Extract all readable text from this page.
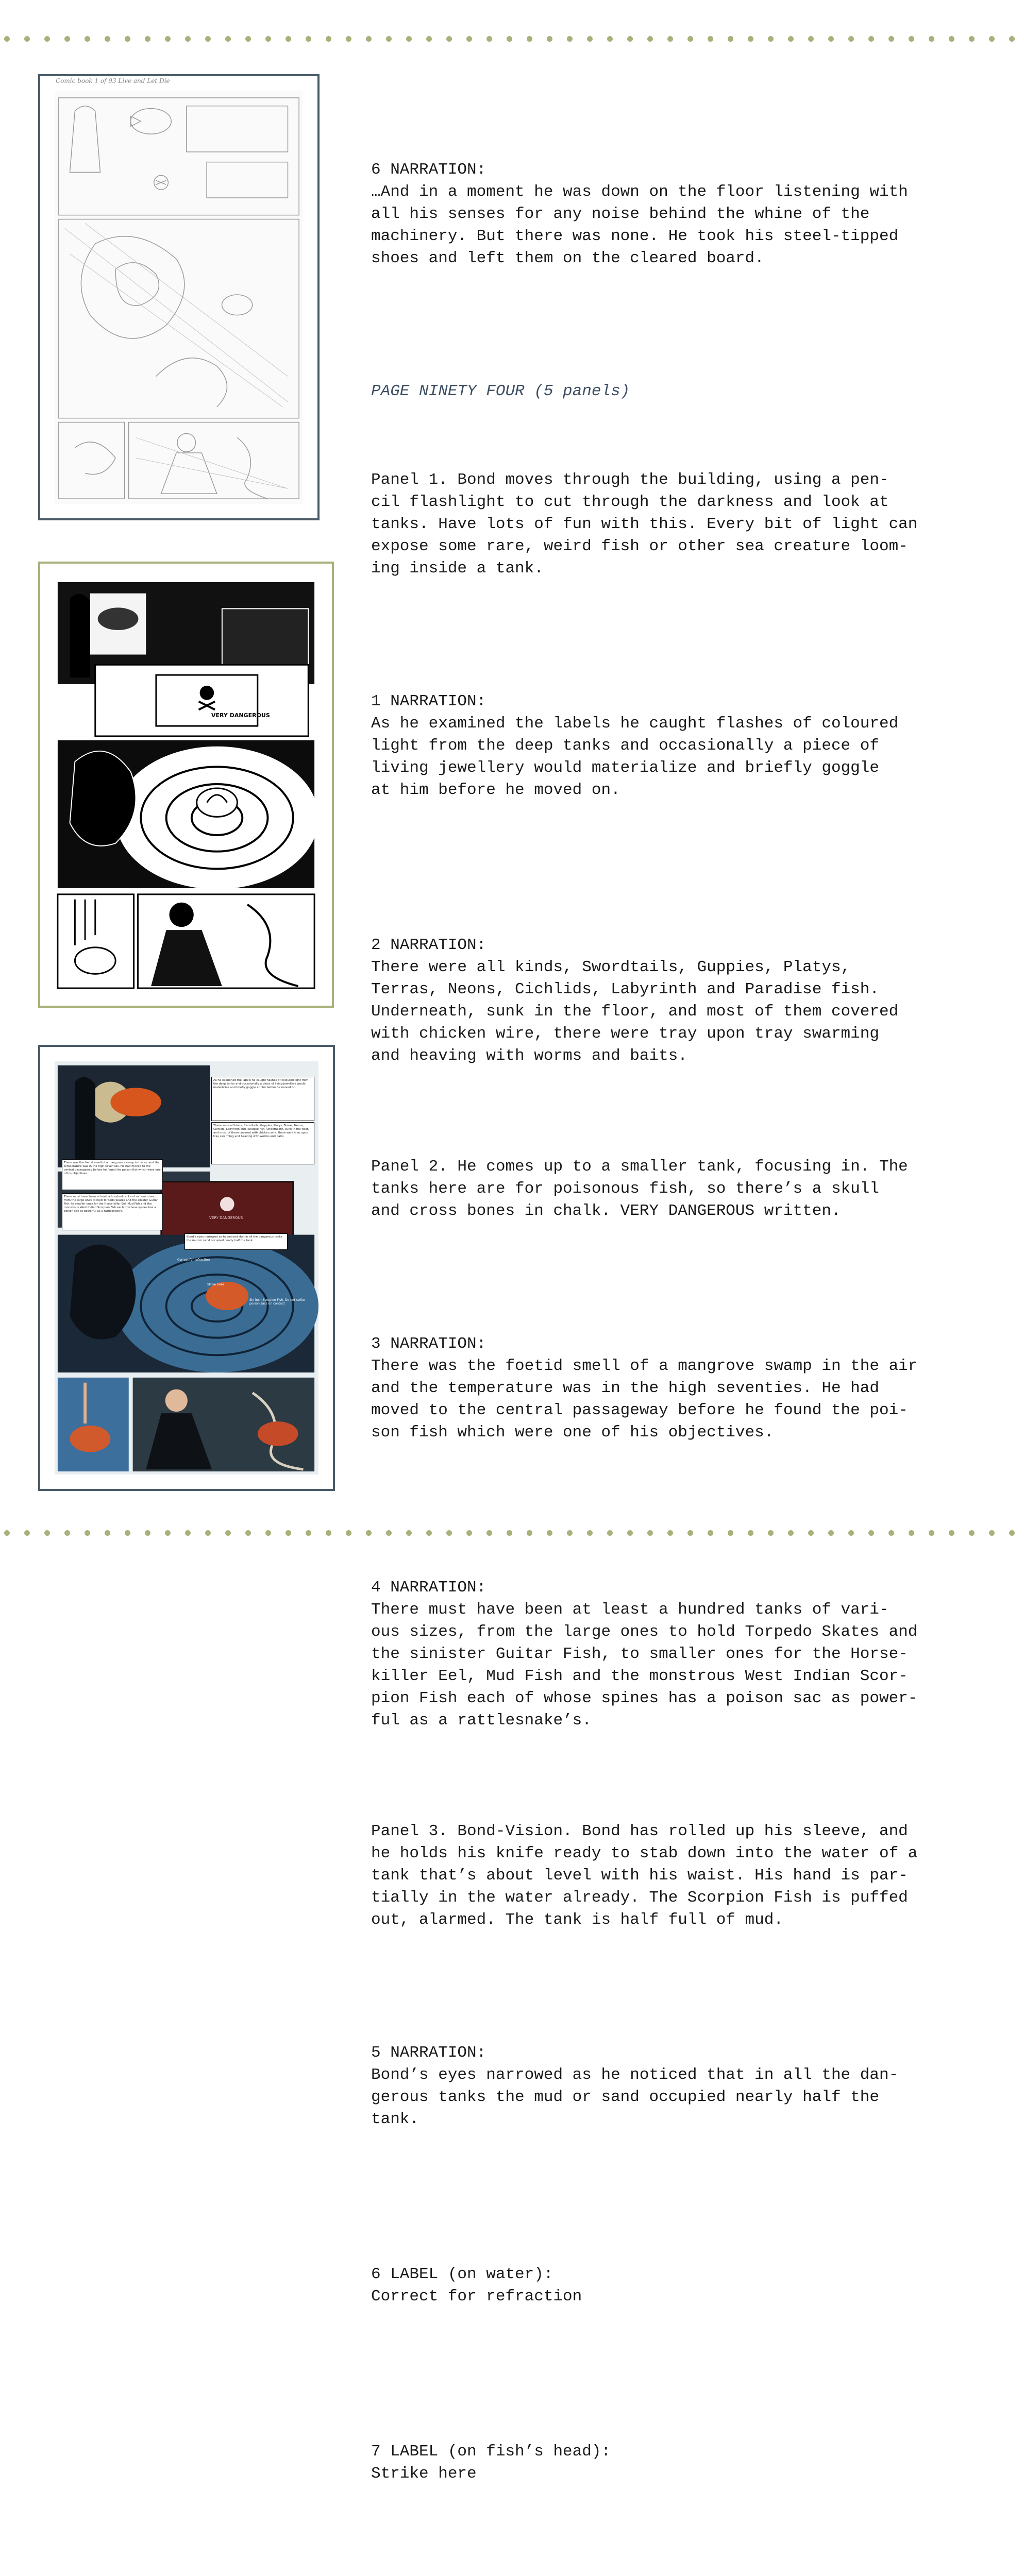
Comic book 1 of 93 Live and Let Die
VERY DANGEROUS
As he examined the labels he caught flashes of coloured light from the deep tanks and occasionally a piece of living jewellery would materialize and briefly goggle at him before he moved on.
There were all kinds, Swordtails, Guppies, Platys, Terras, Neons, Cichlids, Labyrinth and Paradise fish. Underneath, sunk in the floor, and most of them covered with chicken wire, there were tray upon tray swarming and heaving with worms and baits.
There was the foetid smell of a mangrove swamp in the air and the temperature was in the high seventies. He had moved to the central passageway before he found the poison fish which were one of his objectives.
There must have been at least a hundred tanks of various sizes, from the large ones to hold Torpedo Skates and the sinister Guitar Fish, to smaller ones for the Horse-killer Eel, Mud Fish and the monstrous West Indian Scorpion Fish each of whose spines has a poison sac as powerful as a rattlesnake's.
Bond's eyes narrowed as he noticed that in all the dangerous tanks the mud or sand occupied nearly half the tank.
Correct for refraction
Strike here
Six inch Scorpion Fish. Do not strike poison sacs on contact
VERY DANGEROUS

6 NARRATION:
…And in a moment he was down on the floor listening with
all his senses for any noise behind the whine of the
machinery. But there was none. He took his steel-tipped
shoes and left them on the cleared board.

PAGE NINETY FOUR (5 panels)

Panel 1. Bond moves through the building, using a pen-
cil flashlight to cut through the darkness and look at
tanks. Have lots of fun with this. Every bit of light can
expose some rare, weird fish or other sea creature loom-
ing inside a tank.

1 NARRATION:
As he examined the labels he caught flashes of coloured
light from the deep tanks and occasionally a piece of
living jewellery would materialize and briefly goggle
at him before he moved on.

2 NARRATION:
There were all kinds, Swordtails, Guppies, Platys,
Terras, Neons, Cichlids, Labyrinth and Paradise fish.
Underneath, sunk in the floor, and most of them covered
with chicken wire, there were tray upon tray swarming
and heaving with worms and baits.

Panel 2. He comes up to a smaller tank, focusing in. The
tanks here are for poisonous fish, so there’s a skull
and cross bones in chalk. VERY DANGEROUS written.

3 NARRATION:
There was the foetid smell of a mangrove swamp in the air
and the temperature was in the high seventies. He had
moved to the central passageway before he found the poi-
son fish which were one of his objectives.

4 NARRATION:
There must have been at least a hundred tanks of vari-
ous sizes, from the large ones to hold Torpedo Skates and
the sinister Guitar Fish, to smaller ones for the Horse-
killer Eel, Mud Fish and the monstrous West Indian Scor-
pion Fish each of whose spines has a poison sac as power-
ful as a rattlesnake’s.

Panel 3. Bond-Vision. Bond has rolled up his sleeve, and
he holds his knife ready to stab down into the water of a
tank that’s about level with his waist. His hand is par-
tially in the water already. The Scorpion Fish is puffed
out, alarmed. The tank is half full of mud.

5 NARRATION:
Bond’s eyes narrowed as he noticed that in all the dan-
gerous tanks the mud or sand occupied nearly half the
tank.

6 LABEL (on water):
Correct for refraction

7 LABEL (on fish’s head):
Strike here
